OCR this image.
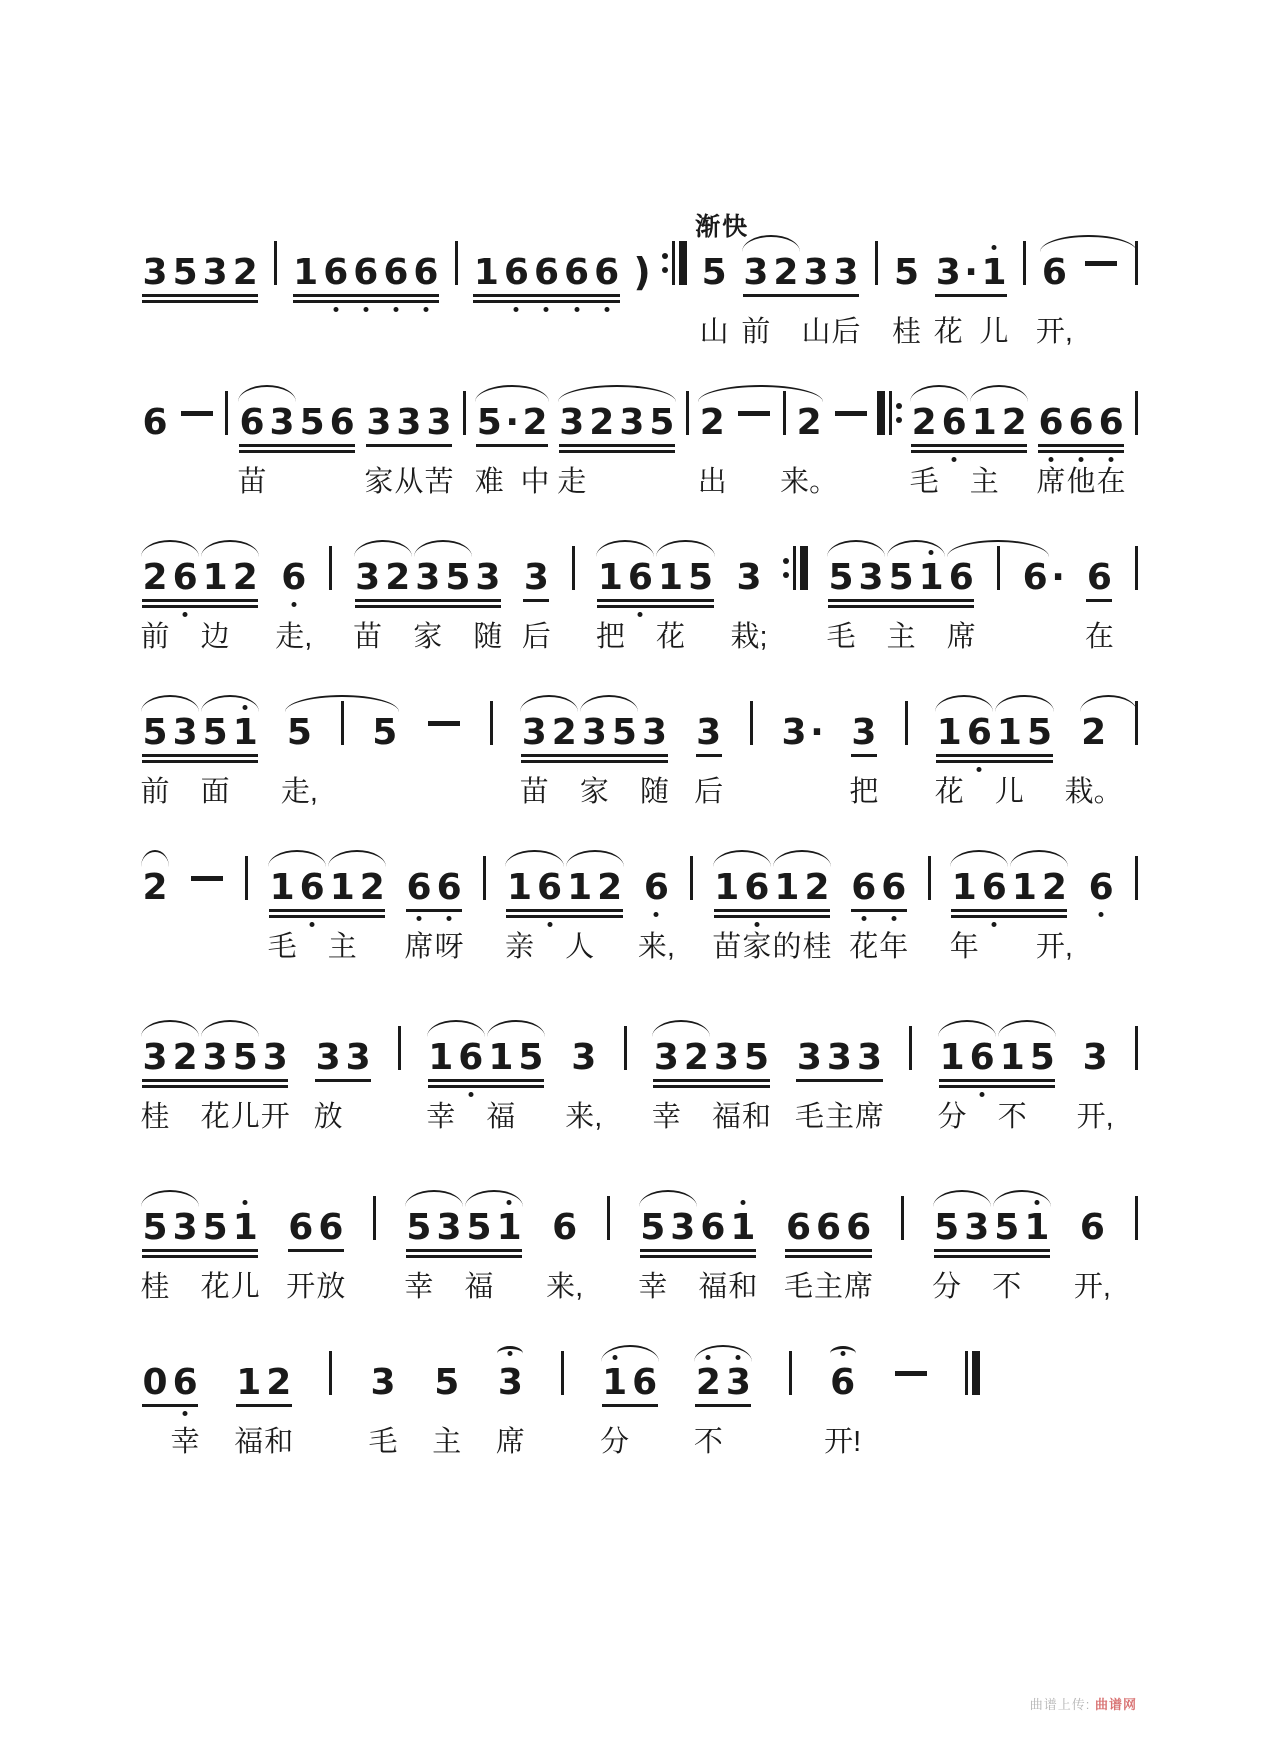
3 5 3 2 1 6 6 6 6 1 6 6 6 6 ) 5 3 2 3 3 5 3 · 1 6
渐快
山 前 山 后 桂 花 儿 开,
6 6 3 5 6 3 3 3 5 · 2 3 2 3 5 2 2 2 6 1 2 6 6 6
苗	家 从 苦 难 中 走	出 来。 毛 主 席 他 在
2 6 1 2 6 3 2 3 5 3 3 1 6 1 5 3 5 3 5 1 6 6 · 6
前 边 走, 苗 家 随 后 把 花 栽; 毛 主 席	在
5 3 5 1 5 5	3 2 3 5 3 3 3 · 3 1 6 1 5 2
前 面 走,	苗 家 随 后	把 花 儿 栽。
2	1 6 1 2 6 6 1 6 1 2 6 1 6 1 2 6 6 1 6 1 2 6
毛 主 席 呀 亲 人 来, 苗 家 的 桂 花 年 年 开,
3 2 3 5 3 3 3 1 6 1 5 3 3 2 3 5 3 3 3 1 6 1 5 3
桂 花 儿 开 放	幸 福 来, 幸 福 和 毛 主 席 分 不 开,
5 3 5 1 6 6 5 3 5 1 6 5 3 6 1 6 6 6 5 3 5 1 6
桂 花 儿 开 放 幸 福 来, 幸 福 和 毛 主 席 分 不 开,
0 6 1 2 3 5 3 1 6 2 3 6
幸 福 和	毛 主 席	分 不	开!
曲谱上传: 曲谱网
